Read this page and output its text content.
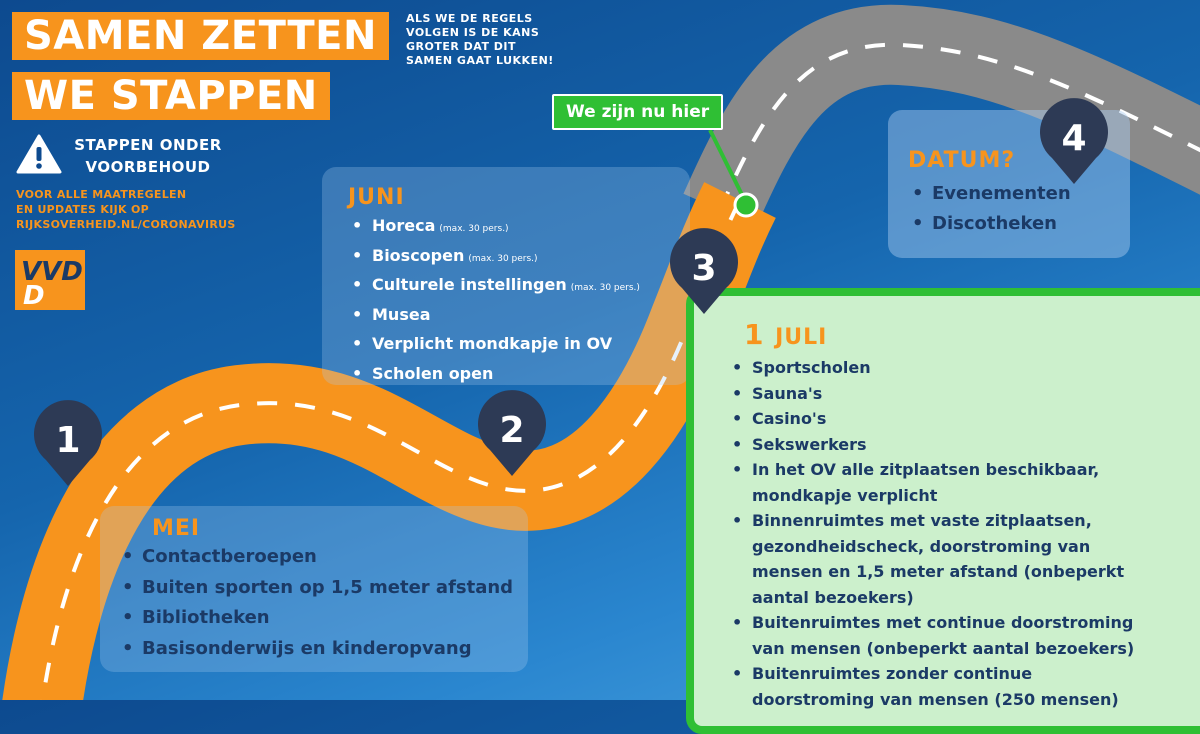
SAMEN ZETTEN
WE STAPPEN
ALS WE DE REGELS
VOLGEN IS DE KANS
GROTER DAT DIT
SAMEN GAAT LUKKEN!
STAPPEN ONDER
VOORBEHOUD
VOOR ALLE MAATREGELEN
EN UPDATES KIJK OP
RIJKSOVERHEID.NL/CORONAVIRUS
VVD
D
JUNI
• Horeca (max. 30 pers.)
• Bioscopen (max. 30 pers.)
• Culturele instellingen (max. 30 pers.)
• Musea
• Verplicht mondkapje in OV
• Scholen open
MEI
• Contactberoepen
• Buiten sporten op 1,5 meter afstand
• Bibliotheken
• Basisonderwijs en kinderopvang
DATUM?
• Evenementen
• Discotheken
1 JULI
• Sportscholen
• Sauna's
• Casino's
• Sekswerkers
• In het OV alle zitplaatsen beschikbaar, mondkapje verplicht
• Binnenruimtes met vaste zitplaatsen, gezondheidscheck, doorstroming van mensen en 1,5 meter afstand (onbeperkt aantal bezoekers)
• Buitenruimtes met continue doorstroming van mensen (onbeperkt aantal bezoekers)
• Buitenruimtes zonder continue doorstroming van mensen (250 mensen)
We zijn nu hier
1	2
3
4
